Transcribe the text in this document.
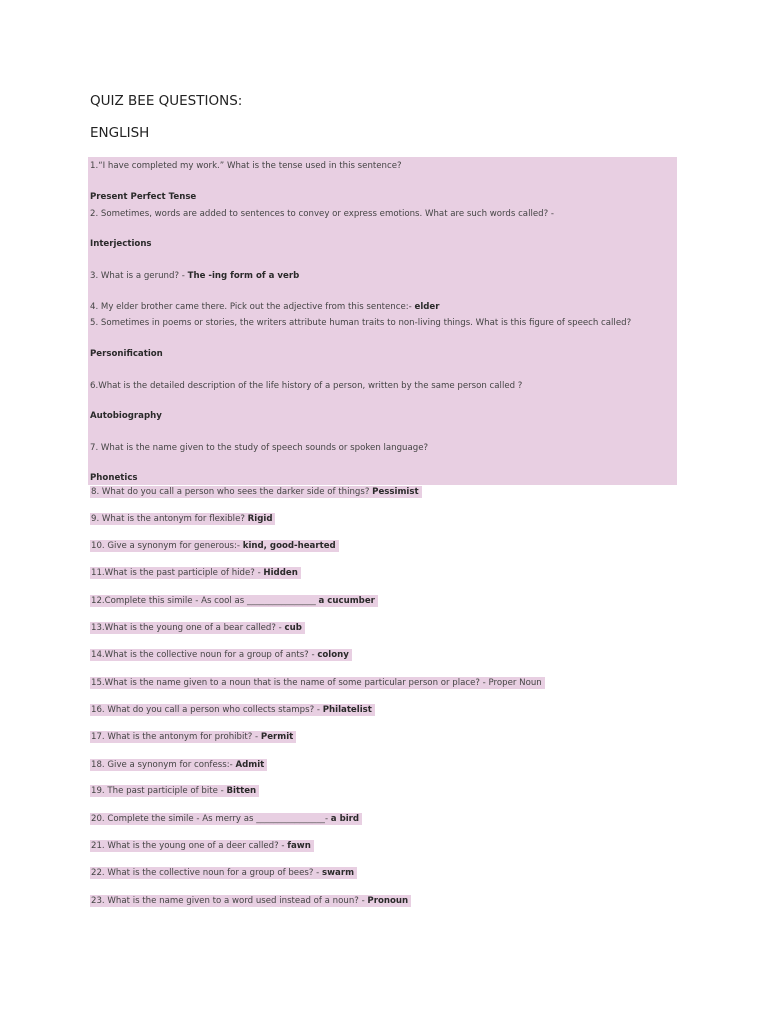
QUIZ BEE QUESTIONS:
ENGLISH
1.“I have completed my work.” What is the tense used in this sentence?
Present Perfect Tense
2. Sometimes, words are added to sentences to convey or express emotions. What are such words called? -
Interjections
3. What is a gerund? - The -ing form of a verb
4. My elder brother came there. Pick out the adjective from this sentence:- elder
5. Sometimes in poems or stories, the writers attribute human traits to non-living things. What is this figure of speech called?
Personification
6.What is the detailed description of the life history of a person, written by the same person called ?
Autobiography
7. What is the name given to the study of speech sounds or spoken language?
Phonetics
8. What do you call a person who sees the darker side of things? Pessimist
9. What is the antonym for flexible? Rigid
10. Give a synonym for generous:- kind, good-hearted
11.What is the past participle of hide? - Hidden
12.Complete this simile - As cool as ________________ a cucumber
13.What is the young one of a bear called? - cub
14.What is the collective noun for a group of ants? - colony
15.What is the name given to a noun that is the name of some particular person or place? - Proper Noun
16. What do you call a person who collects stamps? - Philatelist
17. What is the antonym for prohibit? - Permit
18. Give a synonym for confess:- Admit
19. The past participle of bite - Bitten
20. Complete the simile - As merry as ________________- a bird
21. What is the young one of a deer called? - fawn
22. What is the collective noun for a group of bees? - swarm
23. What is the name given to a word used instead of a noun? - Pronoun
